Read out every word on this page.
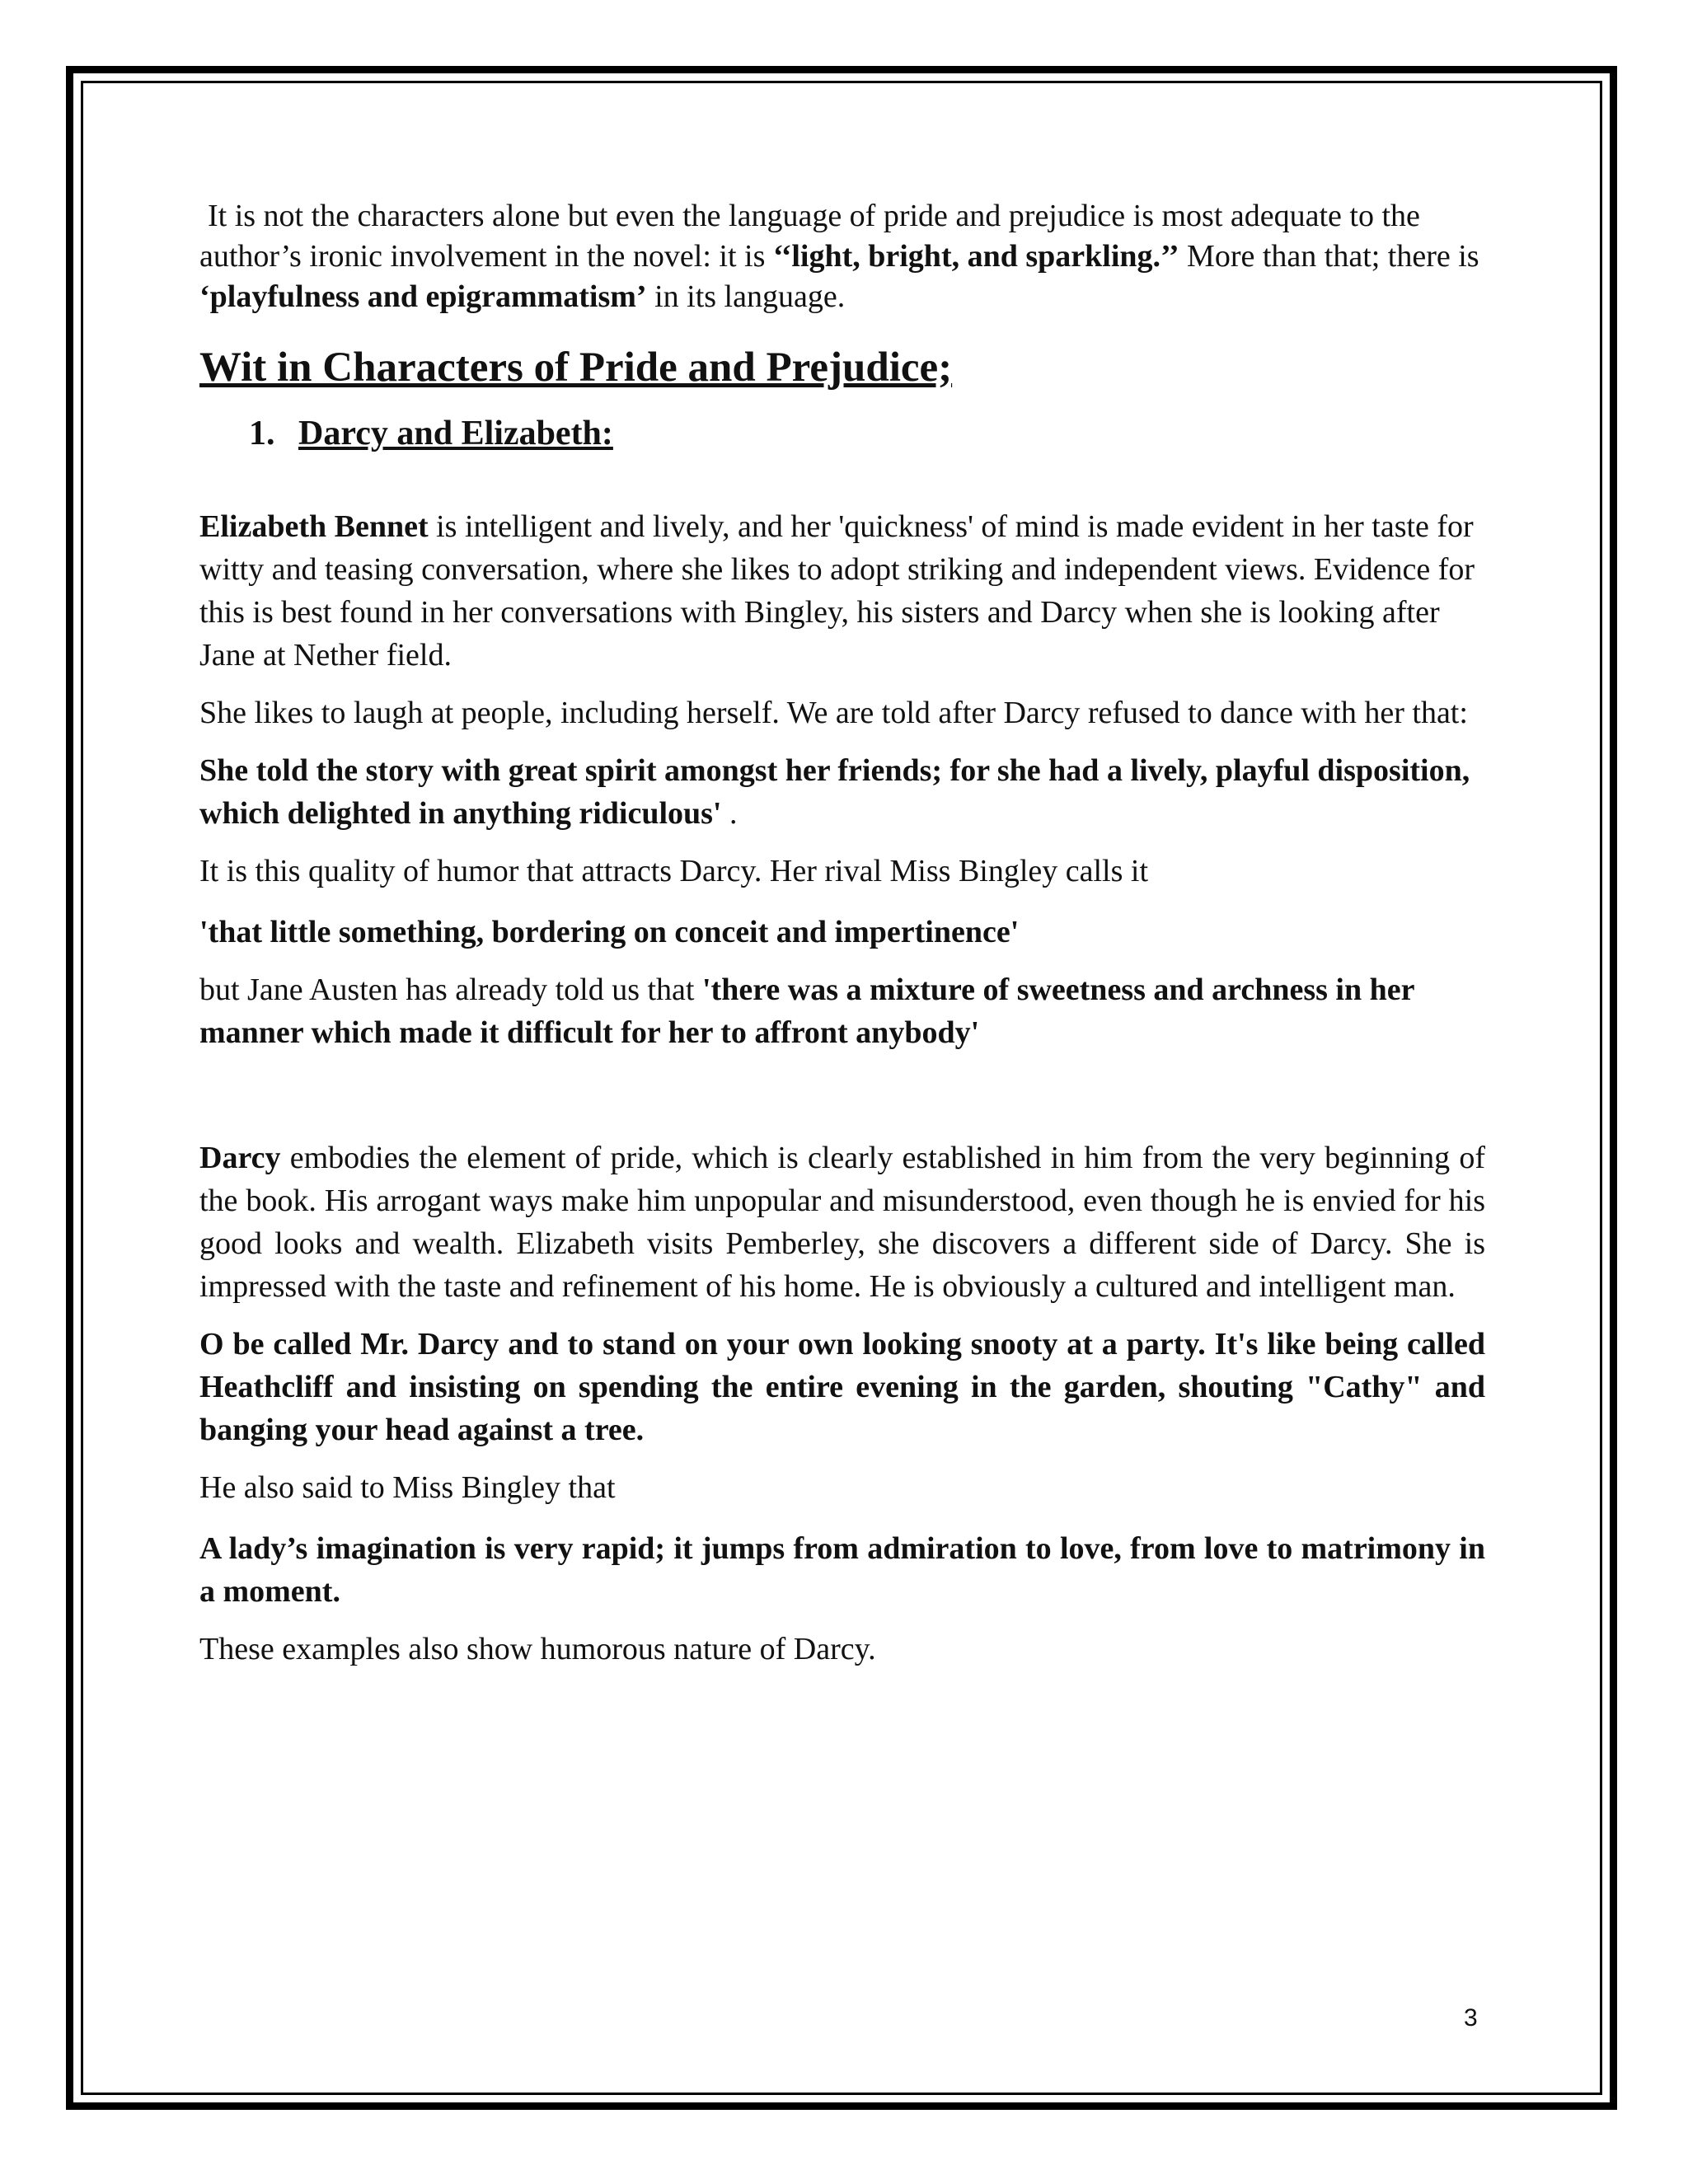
It is not the characters alone but even the language of pride and prejudice is most adequate to the author’s ironic involvement in the novel: it is ‘‘light, bright, and sparkling.’’ More than that; there is ‘playfulness and epigrammatism’ in its language.

Wit in Characters of Pride and Prejudice;
1. Darcy and Elizabeth:

Elizabeth Bennet is intelligent and lively, and her 'quickness' of mind is made evident in her taste for witty and teasing conversation, where she likes to adopt striking and independent views. Evidence for this is best found in her conversations with Bingley, his sisters and Darcy when she is looking after Jane at Nether field.

She likes to laugh at people, including herself. We are told after Darcy refused to dance with her that:

She told the story with great spirit amongst her friends; for she had a lively, playful disposition, which delighted in anything ridiculous' .

It is this quality of humor that attracts Darcy. Her rival Miss Bingley calls it

'that little something, bordering on conceit and impertinence'

but Jane Austen has already told us that 'there was a mixture of sweetness and archness in her manner which made it difficult for her to affront anybody'

Darcy embodies the element of pride, which is clearly established in him from the very beginning of the book. His arrogant ways make him unpopular and misunderstood, even though he is envied for his good looks and wealth. Elizabeth visits Pemberley, she discovers a different side of Darcy. She is impressed with the taste and refinement of his home. He is obviously a cultured and intelligent man.

O be called Mr. Darcy and to stand on your own looking snooty at a party. It's like being called Heathcliff and insisting on spending the entire evening in the garden, shouting "Cathy" and banging your head against a tree.

He also said to Miss Bingley that

A lady’s imagination is very rapid; it jumps from admiration to love, from love to matrimony in a moment.

These examples also show humorous nature of Darcy.

3
